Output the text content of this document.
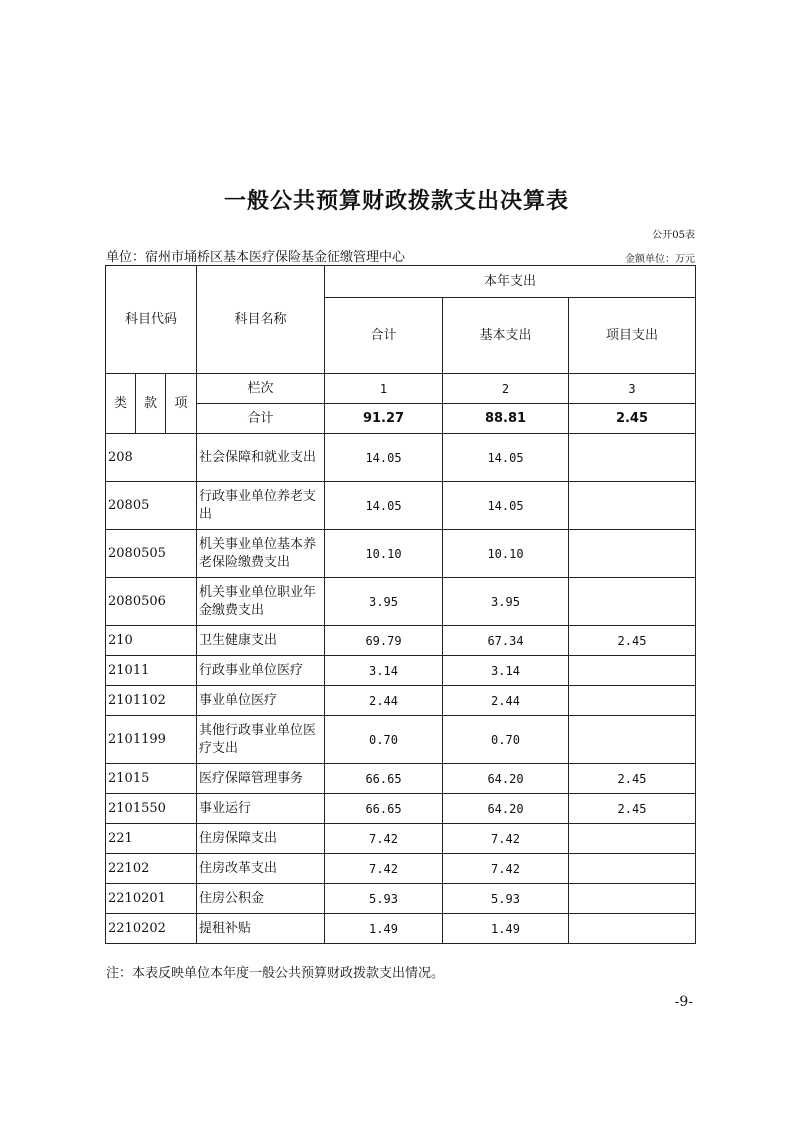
一般公共预算财政拨款支出决算表
公开05表
单位：宿州市埇桥区基本医疗保险基金征缴管理中心	金额单位：万元
科目代码			科目名称	本年支出		
				合计	基本支出	项目支出
类	款	项	栏次	1	2	3
			合计	91.27	88.81	2.45
208			社会保障和就业支出	14.05	14.05	
20805			行政事业单位养老支出	14.05	14.05	
2080505			机关事业单位基本养老保险缴费支出	10.10	10.10	
2080506			机关事业单位职业年金缴费支出	3.95	3.95	
210			卫生健康支出	69.79	67.34	2.45
21011			行政事业单位医疗	3.14	3.14	
2101102			事业单位医疗	2.44	2.44	
2101199			其他行政事业单位医疗支出	0.70	0.70	
21015			医疗保障管理事务	66.65	64.20	2.45
2101550			事业运行	66.65	64.20	2.45
221			住房保障支出	7.42	7.42	
22102			住房改革支出	7.42	7.42	
2210201			住房公积金	5.93	5.93	
2210202			提租补贴	1.49	1.49	
注：本表反映单位本年度一般公共预算财政拨款支出情况。
-9-
